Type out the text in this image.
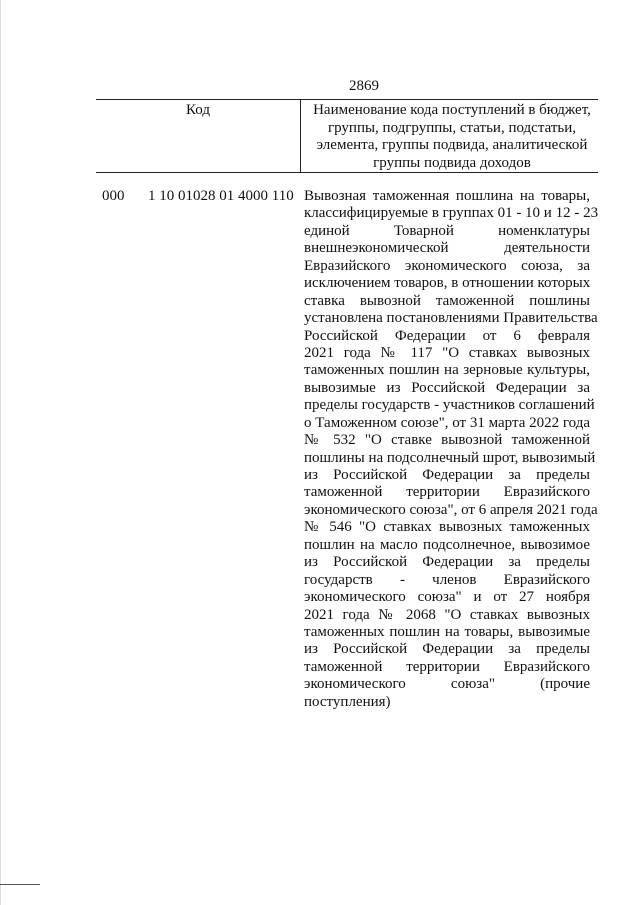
2869
Код	Наименование кода поступлений в бюджет,
группы, подгруппы, статьи, подстатьи,
элемента, группы подвида, аналитической
группы подвида доходов
000 1 10 01028 01 4000 110 Вывозная таможенная пошлина на товары,
классифицируемые в группах 01 - 10 и 12 - 23
единой Товарной номенклатуры
внешнеэкономической деятельности
Евразийского экономического союза, за
исключением товаров, в отношении которых
ставка вывозной таможенной пошлины
установлена постановлениями Правительства
Российской Федерации от 6 февраля
2021 года № 117 "О ставках вывозных
таможенных пошлин на зерновые культуры,
вывозимые из Российской Федерации за
пределы государств - участников соглашений
о Таможенном союзе", от 31 марта 2022 года
№ 532 "О ставке вывозной таможенной
пошлины на подсолнечный шрот, вывозимый
из Российской Федерации за пределы
таможенной территории Евразийского
экономического союза", от 6 апреля 2021 года
№ 546 "О ставках вывозных таможенных
пошлин на масло подсолнечное, вывозимое
из Российской Федерации за пределы
государств - членов Евразийского
экономического союза" и от 27 ноября
2021 года № 2068 "О ставках вывозных
таможенных пошлин на товары, вывозимые
из Российской Федерации за пределы
таможенной территории Евразийского
экономического союза" (прочие
поступления)
